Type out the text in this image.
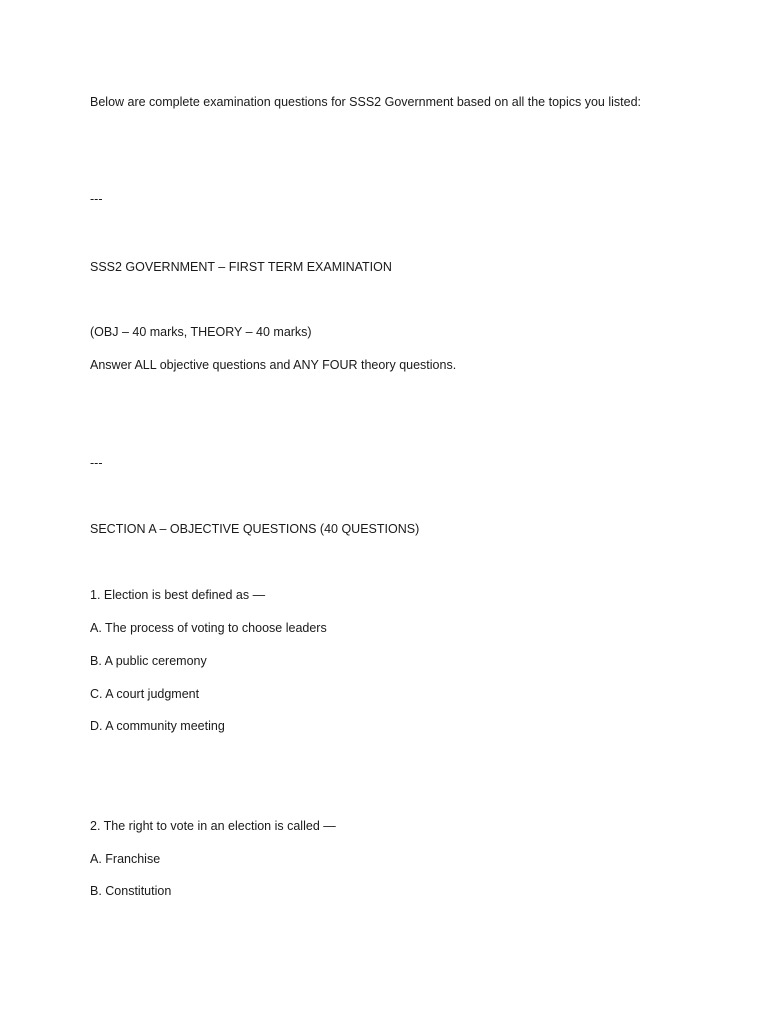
Below are complete examination questions for SSS2 Government based on all the topics you listed:
---
SSS2 GOVERNMENT – FIRST TERM EXAMINATION
(OBJ – 40 marks, THEORY – 40 marks)
Answer ALL objective questions and ANY FOUR theory questions.
---
SECTION A – OBJECTIVE QUESTIONS (40 QUESTIONS)
1. Election is best defined as —
A. The process of voting to choose leaders
B. A public ceremony
C. A court judgment
D. A community meeting
2. The right to vote in an election is called —
A. Franchise
B. Constitution
